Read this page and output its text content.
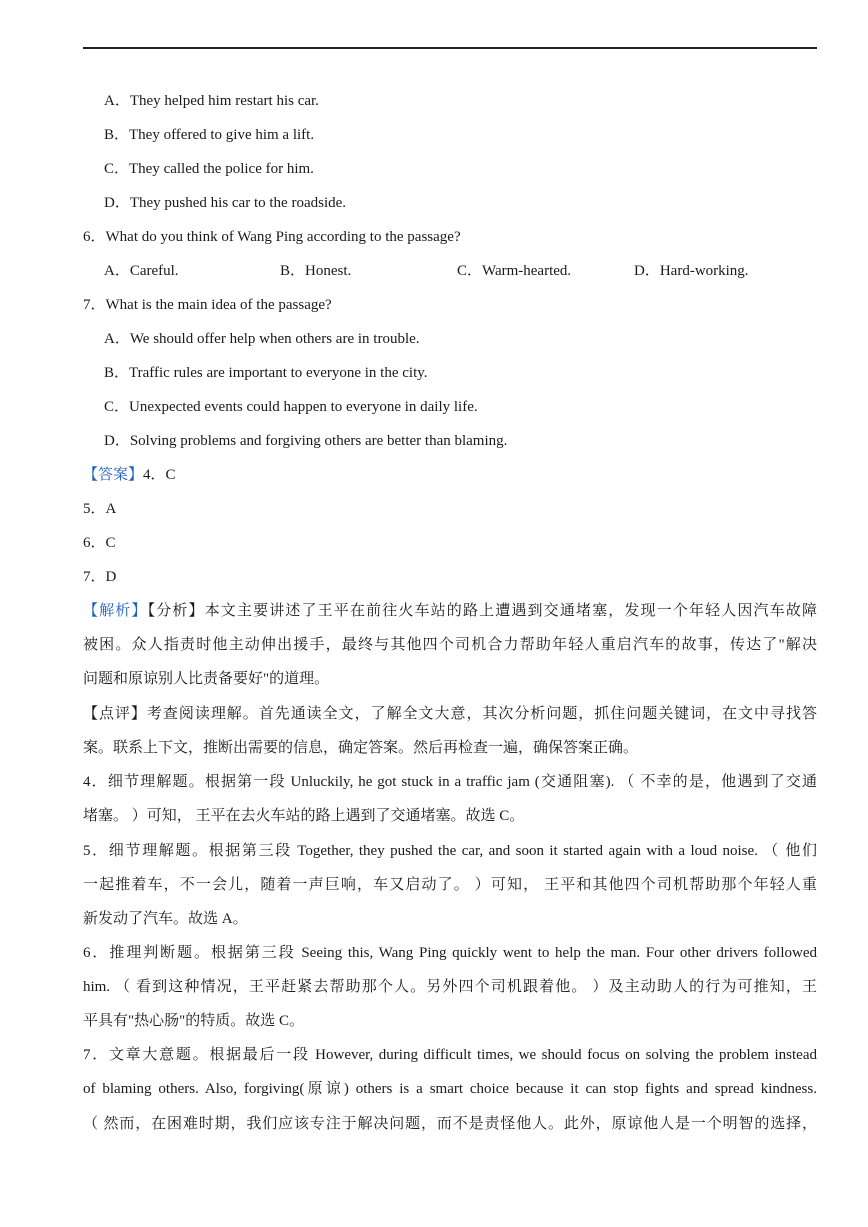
A．They helped him restart his car.
B．They offered to give him a lift.
C．They called the police for him.
D．They pushed his car to the roadside.
6．What do you think of Wang Ping according to the passage?
A．Careful.	B．Honest.	C．Warm-hearted.	D．Hard-working.
7．What is the main idea of the passage?
A．We should offer help when others are in trouble.
B．Traffic rules are important to everyone in the city.
C．Unexpected events could happen to everyone in daily life.
D．Solving problems and forgiving others are better than blaming.
【答案】4．C
5．A
6．C
7．D
【解析】【分析】本文主要讲述了王平在前往火车站的路上遭遇到交通堵塞，发现一个年轻人因汽车故障
被困。众人指责时他主动伸出援手，最终与其他四个司机合力帮助年轻人重启汽车的故事，传达了"解决
问题和原谅别人比责备要好"的道理。
【点评】考查阅读理解。首先通读全文，了解全文大意，其次分析问题，抓住问题关键词，在文中寻找答
案。联系上下文，推断出需要的信息，确定答案。然后再检查一遍，确保答案正确。
4．细节理解题。根据第一段 Unluckily, he got stuck in a traffic jam (交通阻塞). （ 不幸的是，他遇到了交通
堵塞。 ）可知， 王平在去火车站的路上遇到了交通堵塞。故选 C。
5．细节理解题。根据第三段 Together, they pushed the car, and soon it started again with a loud noise. （ 他们
一起推着车，不一会儿，随着一声巨响，车又启动了。 ）可知， 王平和其他四个司机帮助那个年轻人重
新发动了汽车。故选 A。
6．推理判断题。根据第三段 Seeing this, Wang Ping quickly went to help the man. Four other drivers followed
him. （ 看到这种情况，王平赶紧去帮助那个人。另外四个司机跟着他。 ）及主动助人的行为可推知，王
平具有"热心肠"的特质。故选 C。
7．文章大意题。根据最后一段 However, during difficult times, we should focus on solving the problem instead
of blaming others. Also, forgiving(原谅) others is a smart choice because it can stop fights and spread kindness.
（ 然而，在困难时期，我们应该专注于解决问题，而不是责怪他人。此外，原谅他人是一个明智的选择，
